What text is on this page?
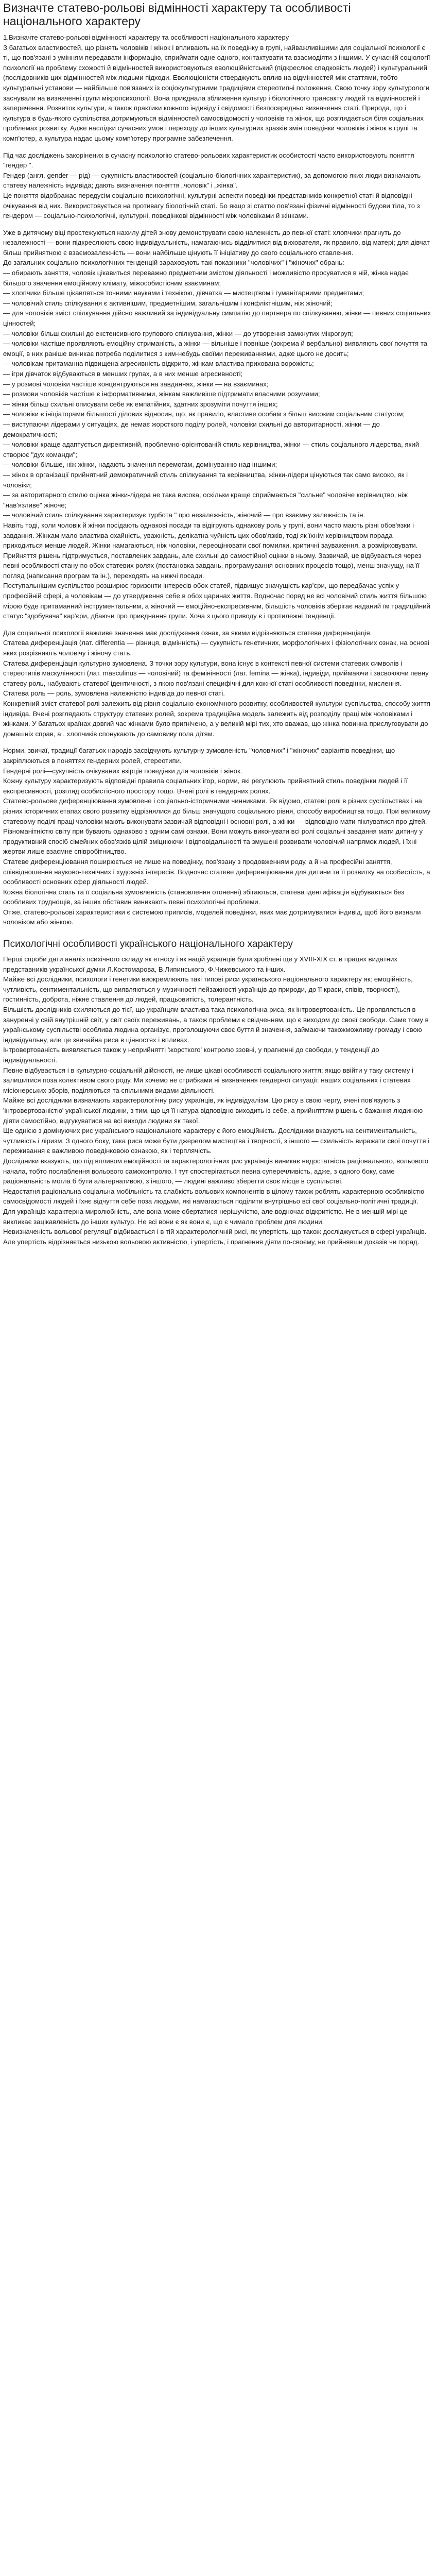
Визначте статево-рольові відмінності характеру та особливості національного характеру

1.Визначте статево-рольові відмінності характеру та особливості національного характеру

З багатьох властивостей, що різнять чоловіків і жінок і впливають на їх поведінку в групі, найважливішими для соціальної психології є ті, що пов'язані з умінням передавати інформацію, сприймати одне одного, контактувати та взаємодіяти з іншими. У сучасній соціології психології на проблему схожості й відмінностей використовуються еволюційністський (підкреслює спадковість людей) і культуральний (послідовників цих відмінностей між людьми підходи. Еволюціоністи стверджують вплив на відмінностей між статтями, тобто культуральні установи — найбільше пов'язаних із соціокультурними традиціями стереотипні положення. Свою точку зору культурологи заснували на визначенні групи мікропсихології. Вона приєднала зближення культур і біологічного трансакту людей та відмінностей і заперечення. Розвиток культури, а також практики кожного індивіду і свідомості безпосередньо визначення статі. Природа, що і культура в будь-якого суспільства дотримуються відмінностей самосвідомості у чоловіків та жінок, що розглядається біля соціальних проблемах розвитку. Адже наслідки сучасних умов і переходу до інших культурних зразків змін поведінки чоловіків і жінок в групі та комп'ютер, а культура надає цьому комп'ютеру програмне забезпечення.

Під час досліджень закорінених в сучасну психологію статево-рольових характеристик особистості часто використовують поняття "гендер ".

Гендер (англ. gender — рід) — сукупність властивостей (соціально-біологічних характеристик), за допомогою яких люди визначають статеву належність індивіда; дають визначення поняття „чоловік" і „жінка".

Це поняття відображає передусім соціально-психологічні, культурні аспекти поведінки представників конкретної статі й відповідні очікування від них. Використовується на противагу біологічній статі. Бо якщо зі статтю пов'язані фізичні відмінності будови тіла, то з гендером — соціально-психологічні, культурні, поведінкові відмінності між чоловіками й жінками.

Уже в дитячому віці простежуються нахилу дітей знову демонструвати свою належність до певної статі: хлопчики прагнуть до незалежності — вони підкреслюють свою індивідуальність, намагаючись відділитися від вихователя, як правило, від матері; для дівчат більш прийнятною є взаємозалежність — вони найбільше цінують її ініціативу до свого соціального ставлення.

До загальних соціально-психологічних тенденцій зараховують такі показники "чоловічих" і "жіночих" обрань:

— обирають заняття, чоловік цікавиться переважно предметним змістом діяльності і можливістю просуватися в ній, жінка надає більшого значення емоційному клімату, міжособистісним взаєминам;

— хлопчики більше цікавляться точними науками і технікою, дівчатка — мистецтвом і гуманітарними предметами;

— чоловічий стиль спілкування є активнішим, предметнішим, загальнішим і конфліктнішим, ніж жіночий;

— для чоловіків зміст спілкування дійсно важливий за індивідуальну симпатію до партнера по спілкуванню, жінки — певних соціальних цінностей;

— чоловіки більш схильні до екстенсивного групового спілкування, жінки — до утворення замкнутих мікрогруп;

— чоловіки частіше проявляють емоційну стриманість, а жінки — вільніше і повніше (зокрема й вербально) виявляють свої почуття та емоції, в них раніше виникає потреба поділитися з ким-небудь своїми переживаннями, адже цього не досить;

— чоловікам притаманна підвищена агресивність відкрито, жінкам властива прихована ворожість;

— ігри дівчаток відбуваються в менших групах, а в них менше агресивності;

— у розмові чоловіки частіше концентруються на завданнях, жінки — на взаєминах;

— розмови чоловіків частіше є інформативними, жінкам важливіше підтримати власними розумами;

— жінки більш схильні описувати себе як емпатійних, здатних зрозуміти почуття інших;

— чоловіки є ініціаторами більшості ділових відносин, що, як правило, властиве особам з більш високим соціальним статусом;

— виступаючи лідерами у ситуаціях, де немає жорсткого поділу ролей, чоловіки схильні до авторитарності, жінки — до демократичності;

— чоловіки краще адаптується директивній, проблемно-орієнтованій стиль керівництва, жінки — стиль соціального лідерства, який створює "дух команди";

— чоловіки більше, ніж жінки, надають значення перемогам, домінуванню над іншими;

— жінок в організації прийнятний демократичний стиль спілкування та керівництва, жінки-лідери цінуються так само високо, як і чоловіки;

— за авторитарного стилю оцінка жінки-лідера не така висока, оскільки краще сприймається "сильне" чоловіче керівництво, ніж "нав'язливе" жіноче;

— чоловічий стиль спілкування характеризує турбота " про незалежність, жіночий — про взаємну залежність та ін.

Навіть тоді, коли чоловік й жінки посідають однакові посади та відігрують однакову роль у групі, вони часто мають різні обов'язки і завдання. Жінкам мало властива охайність, уважність, делікатна чуйність цих обов'язків, тоді як їхнім керівництвом порада приходиться менше людей. Жінки намагаються, ніж чоловіки, переоцінювати свої помилки, критичні зауваження, а розмірковувати. Прийняття рішень підтримується, поставлених завдань, але схильні до самостійної оцінки в ньому. Зазвичай, це відбувається через певні особливості стану по обох статевих ролях (постановка завдань, програмування основних процесів тощо), менш значущу, на її погляд (написання програм та ін.), переходять на нижчі посади.

Поступальнішим суспільство розширює горизонти інтересів обох статей, підвищує значущість кар'єри, що передбачає успіх у професійній сфері, а чоловікам — до утвердження себе в обох царинах життя. Водночас поряд не всі чоловічий стиль життя більшою мірою буде притаманний інструментальним, а жіночий — емоційно-експресивним, більшість чоловіків зберігає наданий їм традиційний статус "здобувача" кар'єри, дбаючи про приєднання групи. Хоча з цього приводу є і протилежні тенденції.

Для соціальної психології важливе значення має дослідження ознак, за якими відрізняються статева диференціація.

Статева диференціація (лат. differentia — різниця, відмінність) — сукупність генетичних, морфологічних і фізіологічних ознак, на основі яких розрізняють чоловічу і жіночу стать.

Статева диференціація культурно зумовлена. З точки зору культури, вона існує в контексті певної системи статевих символів і стереотипів маскулінності (лат. masculinus — чоловічий) та фемінінності (лат. femina — жінка), індивіди, приймаючи і засвоюючи певну статеву роль, набувають статевої ідентичності, з якою пов'язані специфічні для кожної статі особливості поведінки, мислення.

Статева роль — роль, зумовлена належністю індивіда до певної статі.

Конкретний зміст статевої ролі залежить від рівня соціально-економічного розвитку, особливостей культури суспільства, способу життя індивіда. Вчені розглядають структуру статевих ролей, зокрема традиційна модель залежить від розподілу праці між чоловіками і жінками. У багатьох країнах довгий час жінками було пригнічено, а у великій мірі тих, хто вважав, що жінка повинна прислуговувати до домашніх справ, а . хлопчиків спонукають до самовиву пола дітям.

Норми, звичаї, традиції багатьох народів засвідчують культурну зумовленість "чоловічих" і "жіночих" варіантів поведінки, що закріплюються в поняттях гендерних ролей, стереотипи.

Гендерні ролі—сукупність очікуваних взірців поведінки для чоловіків і жінок.

Кожну культуру характеризують відповідні правила соціальних ігор, норми, які регулюють прийнятний стиль поведінки людей і її експресивності, розгляд особистісного простору тощо. Вчені ролі в гендерних ролях.

Статево-рольове диференціювання зумовлене і соціально-історичними чинниками. Як відомо, статеві ролі в різних суспільствах і на різних історичних етапах свого розвитку відрізнялися до більш значущого соціального рівня, способу виробництва тощо. При великому статевому поділі праці чоловіки мають виконувати зазвичай відповідні і основні ролі, а жінки — відповідно мати піклуватися про дітей. Різноманітністю світу при бувають однаково з одним самі ознаки. Вони можуть виконувати всі ролі соціальні завдання мати дитину у продуктивний спосіб сімейних обов'язків цілій зміцнюючи і відповідальності та змушені розвивати чоловічий напрямок людей, і їхні жертви лише взаємне співробітництво.

Статеве диференціювання поширюється не лише на поведінку, пов'язану з продовженням роду, а й на професійні заняття, співвідношення науково-технічних і художніх інтересів. Водночас статеве диференціювання для дитини та її розвитку на особистість, а особливості основних сфер діяльності людей.

Кожна біологічна стать та її соціальна зумовленість (становлення отоненні) збігаються, статева ідентифікація відбувається без особливих труднощів, за інших обставин виникають певні психологічні проблеми.

Отже, статево-рольові характеристики є системою приписів, моделей поведінки, яких має дотримуватися індивід, щоб його визнали чоловіком або жінкою.

Психологічні особливості українського національного характеру

Перші спроби дати аналіз психічного складу як етносу і як націй українців були зроблені ще у XVIII-XIX ст. в працях видатних представників української думки Л.Костомарова, В.Липинського, Ф.Чижевського та інших.

Майже всі дослідники, психологи і генетики виокремлюють такі типові риси українського національного характеру як: емоційність, чутливість, сентиментальність, що виявляються у музичності пейзажності українців до природи, до її краси, співів, творчості), гостинність, доброта, ніжне ставлення до людей, працьовитість, толерантність.

Більшість дослідників схиляються до тієї, що українцям властива така психологічна риса, як інтровертованість. Це проявляється в зануренні у свій внутрішній світ, у світ своїх переживань, а також проблеми є свідченням, що є виходом до своєї свободи. Саме тому в українському суспільстві особлива людина організує, проголошуючи своє буття й значення, займаючи такожможливу громаду і свою індивідуальну, але це звичайна риса в цінностях і впливах.

Інтровертованість виявляється також у неприйнятті 'жорсткого' контролю ззовні, у прагненні до свободи, у тенденції до індивідуальності.

Певне відбувається і в культурно-соціальній дійсності, не лише цікаві особливості соціального життя; якщо ввійти у таку систему і залишитися поза колективом свого роду. Ми хочемо не стрибками ні визначення гендерної ситуації: наших соціальних і статевих місіонерських зборів, поділяються та спільними видами діяльності.

Майже всі дослідники визначають характерологічну рису українців, як індивідуалізм. Цю рису в свою чергу, вчені пов'язують з 'інтровертованістю' української людини, з тим, що ця її натура відповідно виходить із себе, а прийняттям рішень є бажання людиною діяти самостійно, відгукуватися на всі виходи людини як такої.

Ще однією з домінуючих рис українського національного характеру є його емоційність. Дослідники вказують на сентиментальність, чутливість і ліризм. З одного боку, така риса може бути джерелом мистецтва і творчості, з іншого — схильність виражати свої почуття і переживання є важливою поведінковою ознакою, як і терплячість.

Дослідники вказують, що під впливом емоційності та характерологічних рис українців виникає недостатність раціонального, вольового начала, тобто послаблення вольового самоконтролю. І тут спостерігається певна суперечливість, адже, з одного боку, саме раціональність могла б бути альтернативою, з іншого, — людині важливо зберегти своє місце в суспільстві.

Недостатня раціональна соціальна мобільність та слабкість вольових компонентів в цілому також роблять характерною особливістю самосвідомості людей і їхнє відчуття себе поза людьми, які намагаються поділити внутрішньо всі свої соціально-політичні традиції.

Для українців характерна миролюбність, але вона може обертатися нерішучістю, але водночас відкритістю. Не в меншій мірі це викликає зацікавленість до інших культур. Не всі вони є як вони є, що є чимало проблем для людини.

Невизначеність вольової регуляції відбивається і в тій характерологічній рисі, як упертість, що також досліджується в сфері українців. Але упертість відрізняється низькою вольовою активністю, і упертість, і прагнення діяти по-своєму, не прийнявши доказів чи порад.
